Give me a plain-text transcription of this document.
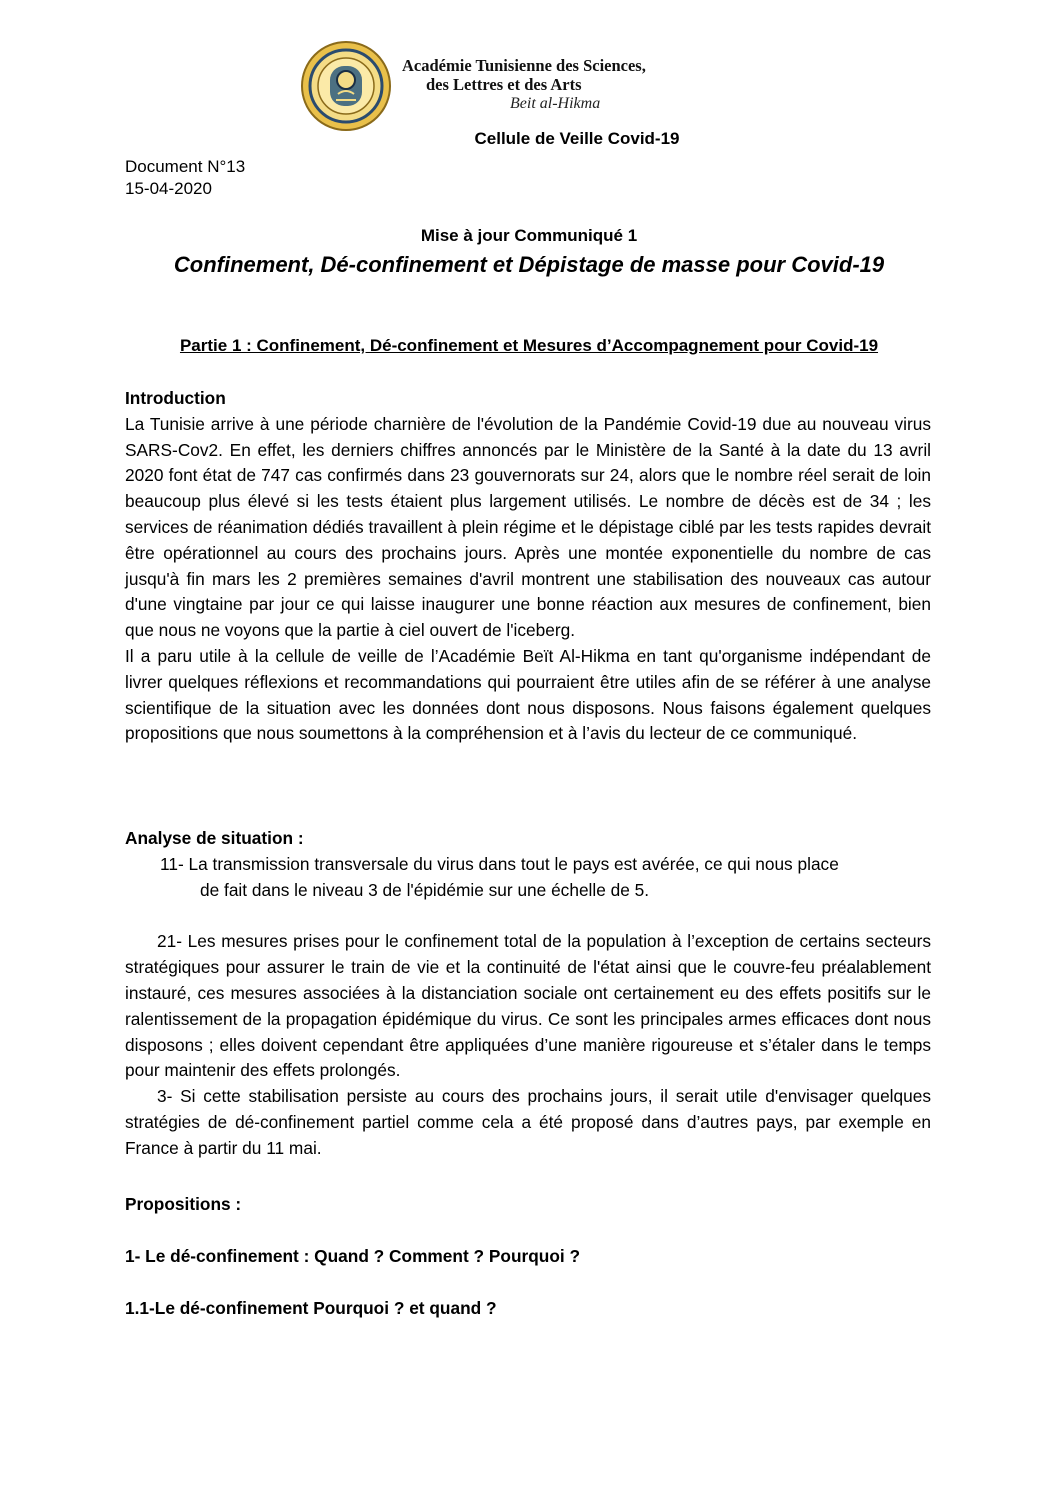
Académie Tunisienne des Sciences,
des Lettres et des Arts
Beit al-Hikma
Cellule de Veille Covid-19
Document N°13
15-04-2020
Mise à jour Communiqué 1
Confinement, Dé-confinement et Dépistage de masse pour Covid-19
Partie 1 : Confinement, Dé-confinement et Mesures d’Accompagnement pour Covid-19
Introduction

La Tunisie arrive à une période charnière de l'évolution de la Pandémie Covid-19 due au nouveau virus SARS-Cov2. En effet, les derniers chiffres annoncés par le Ministère de la Santé à la date du 13 avril 2020 font état de 747 cas confirmés dans 23 gouvernorats sur 24, alors que le nombre réel serait de loin beaucoup plus élevé si les tests étaient plus largement utilisés. Le nombre de décès est de 34 ; les services de réanimation dédiés travaillent à plein régime et le dépistage ciblé par les tests rapides devrait être opérationnel au cours des prochains jours. Après une montée exponentielle du nombre de cas jusqu'à fin mars les 2 premières semaines d'avril montrent une stabilisation des nouveaux cas autour d'une vingtaine par jour ce qui laisse inaugurer une bonne réaction aux mesures de confinement, bien que nous ne voyons que la partie à ciel ouvert de l'iceberg.

Il a paru utile à la cellule de veille de l’Académie Beït Al-Hikma en tant qu'organisme indépendant de livrer quelques réflexions et recommandations qui pourraient être utiles afin de se référer à une analyse scientifique de la situation avec les données dont nous disposons. Nous faisons également quelques propositions que nous soumettons à la compréhension et à l’avis du lecteur de ce communiqué.

Analyse de situation :

11- La transmission transversale du virus dans tout le pays est avérée, ce qui nous place
de fait dans le niveau 3 de l'épidémie sur une échelle de 5.

21- Les mesures prises pour le confinement total de la population à l’exception de certains secteurs stratégiques pour assurer le train de vie et la continuité de l'état ainsi que le couvre-feu préalablement instauré, ces mesures associées à la distanciation sociale ont certainement eu des effets positifs sur le ralentissement de la propagation épidémique du virus. Ce sont les principales armes efficaces dont nous disposons ; elles doivent cependant être appliquées d’une manière rigoureuse et s’étaler dans le temps pour maintenir des effets prolongés.

3- Si cette stabilisation persiste au cours des prochains jours, il serait utile d'envisager quelques stratégies de dé-confinement partiel comme cela a été proposé dans d’autres pays, par exemple en France à partir du 11 mai.

Propositions :
1- Le dé-confinement : Quand ? Comment ? Pourquoi ?
1.1-Le dé-confinement Pourquoi ? et quand ?
